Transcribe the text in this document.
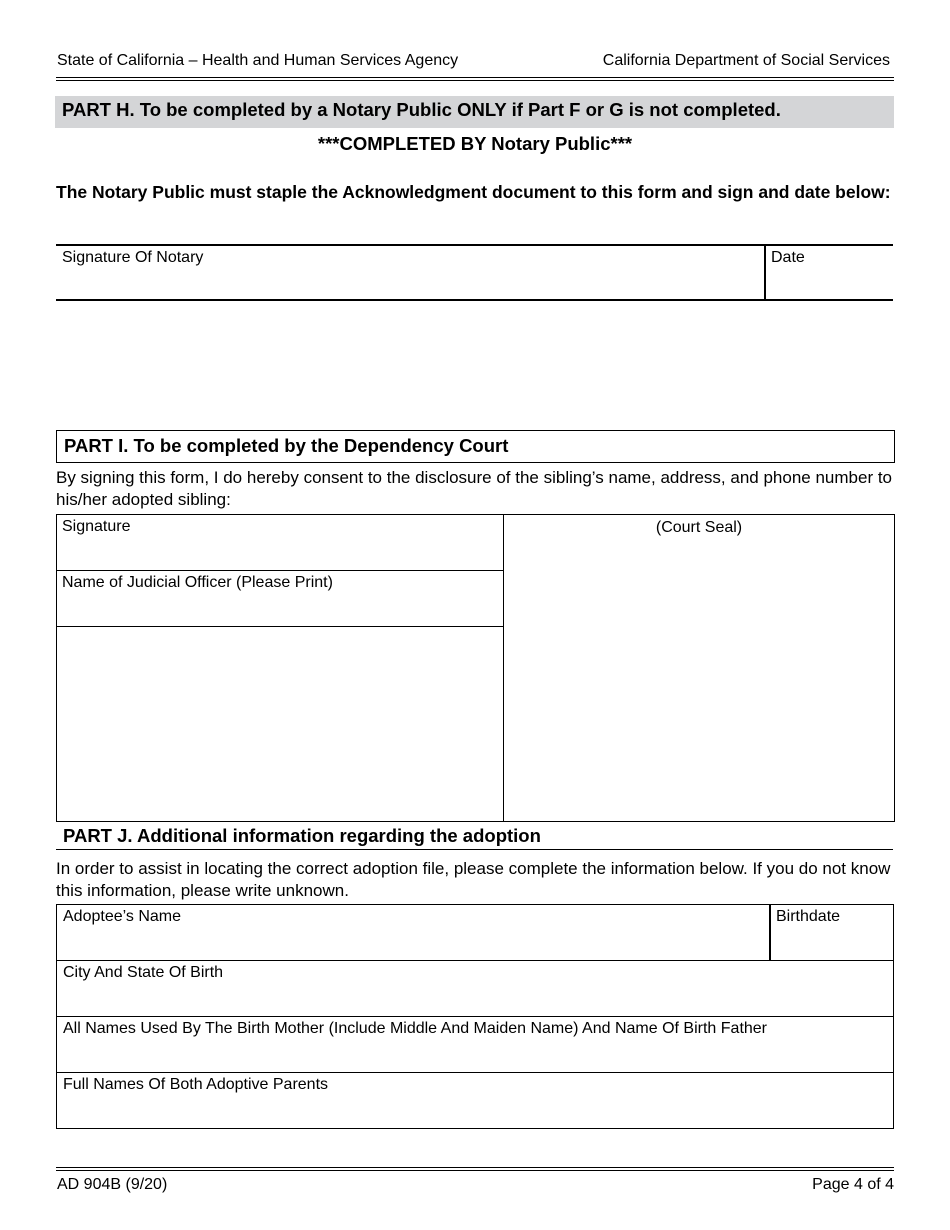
State of California – Health and Human Services Agency	California Department of Social Services
PART H. To be completed by a Notary Public ONLY if Part F or G is not completed.
***COMPLETED BY Notary Public***
The Notary Public must staple the Acknowledgment document to this form and sign and date below:
Signature Of Notary	Date
PART I. To be completed by the Dependency Court
By signing this form, I do hereby consent to the disclosure of the sibling’s name, address, and phone number to his/her adopted sibling:
Signature
Name of Judicial Officer (Please Print)
(Court Seal)
PART J. Additional information regarding the adoption
In order to assist in locating the correct adoption file, please complete the information below. If you do not know this information, please write unknown.
Adoptee’s Name	Birthdate
City And State Of Birth
All Names Used By The Birth Mother (Include Middle And Maiden Name) And Name Of Birth Father
Full Names Of Both Adoptive Parents
AD 904B (9/20)	Page 4 of 4
